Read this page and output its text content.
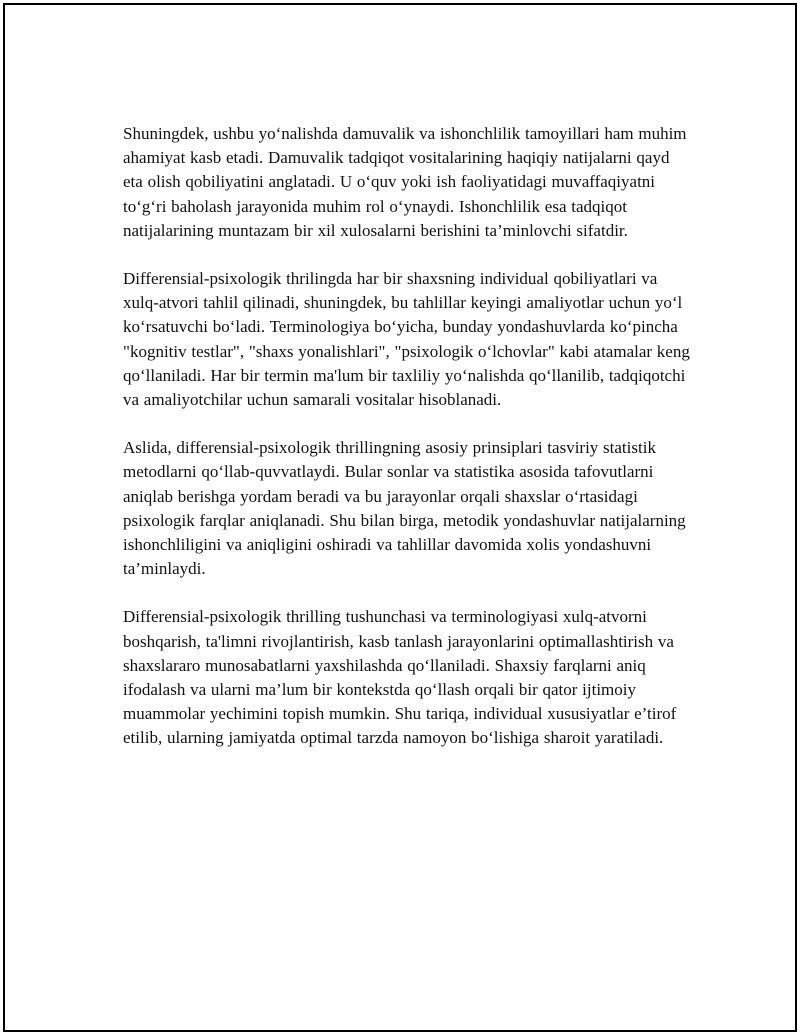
Shuningdek, ushbu yo‘nalishda damuvalik va ishonchlilik tamoyillari ham muhim ahamiyat kasb etadi. Damuvalik tadqiqot vositalarining haqiqiy natijalarni qayd eta olish qobiliyatini anglatadi. U o‘quv yoki ish faoliyatidagi muvaffaqiyatni to‘g‘ri baholash jarayonida muhim rol o‘ynaydi. Ishonchlilik esa tadqiqot natijalarining muntazam bir xil xulosalarni berishini ta’minlovchi sifatdir.

Differensial-psixologik thrilingda har bir shaxsning individual qobiliyatlari va xulq-atvori tahlil qilinadi, shuningdek, bu tahlillar keyingi amaliyotlar uchun yo‘l ko‘rsatuvchi bo‘ladi. Terminologiya bo‘yicha, bunday yondashuvlarda ko‘pincha "kognitiv testlar", "shaxs yonalishlari", "psixologik o‘lchovlar" kabi atamalar keng qo‘llaniladi. Har bir termin ma'lum bir taxliliy yo‘nalishda qo‘llanilib, tadqiqotchi va amaliyotchilar uchun samarali vositalar hisoblanadi.

Aslida, differensial-psixologik thrillingning asosiy prinsiplari tasviriy statistik metodlarni qo‘llab-quvvatlaydi. Bular sonlar va statistika asosida tafovutlarni aniqlab berishga yordam beradi va bu jarayonlar orqali shaxslar o‘rtasidagi psixologik farqlar aniqlanadi. Shu bilan birga, metodik yondashuvlar natijalarning ishonchliligini va aniqligini oshiradi va tahlillar davomida xolis yondashuvni ta’minlaydi.

Differensial-psixologik thrilling tushunchasi va terminologiyasi xulq-atvorni boshqarish, ta'limni rivojlantirish, kasb tanlash jarayonlarini optimallashtirish va shaxslararo munosabatlarni yaxshilashda qo‘llaniladi. Shaxsiy farqlarni aniq ifodalash va ularni ma’lum bir kontekstda qo‘llash orqali bir qator ijtimoiy muammolar yechimini topish mumkin. Shu tariqa, individual xususiyatlar e’tirof etilib, ularning jamiyatda optimal tarzda namoyon bo‘lishiga sharoit yaratiladi.
